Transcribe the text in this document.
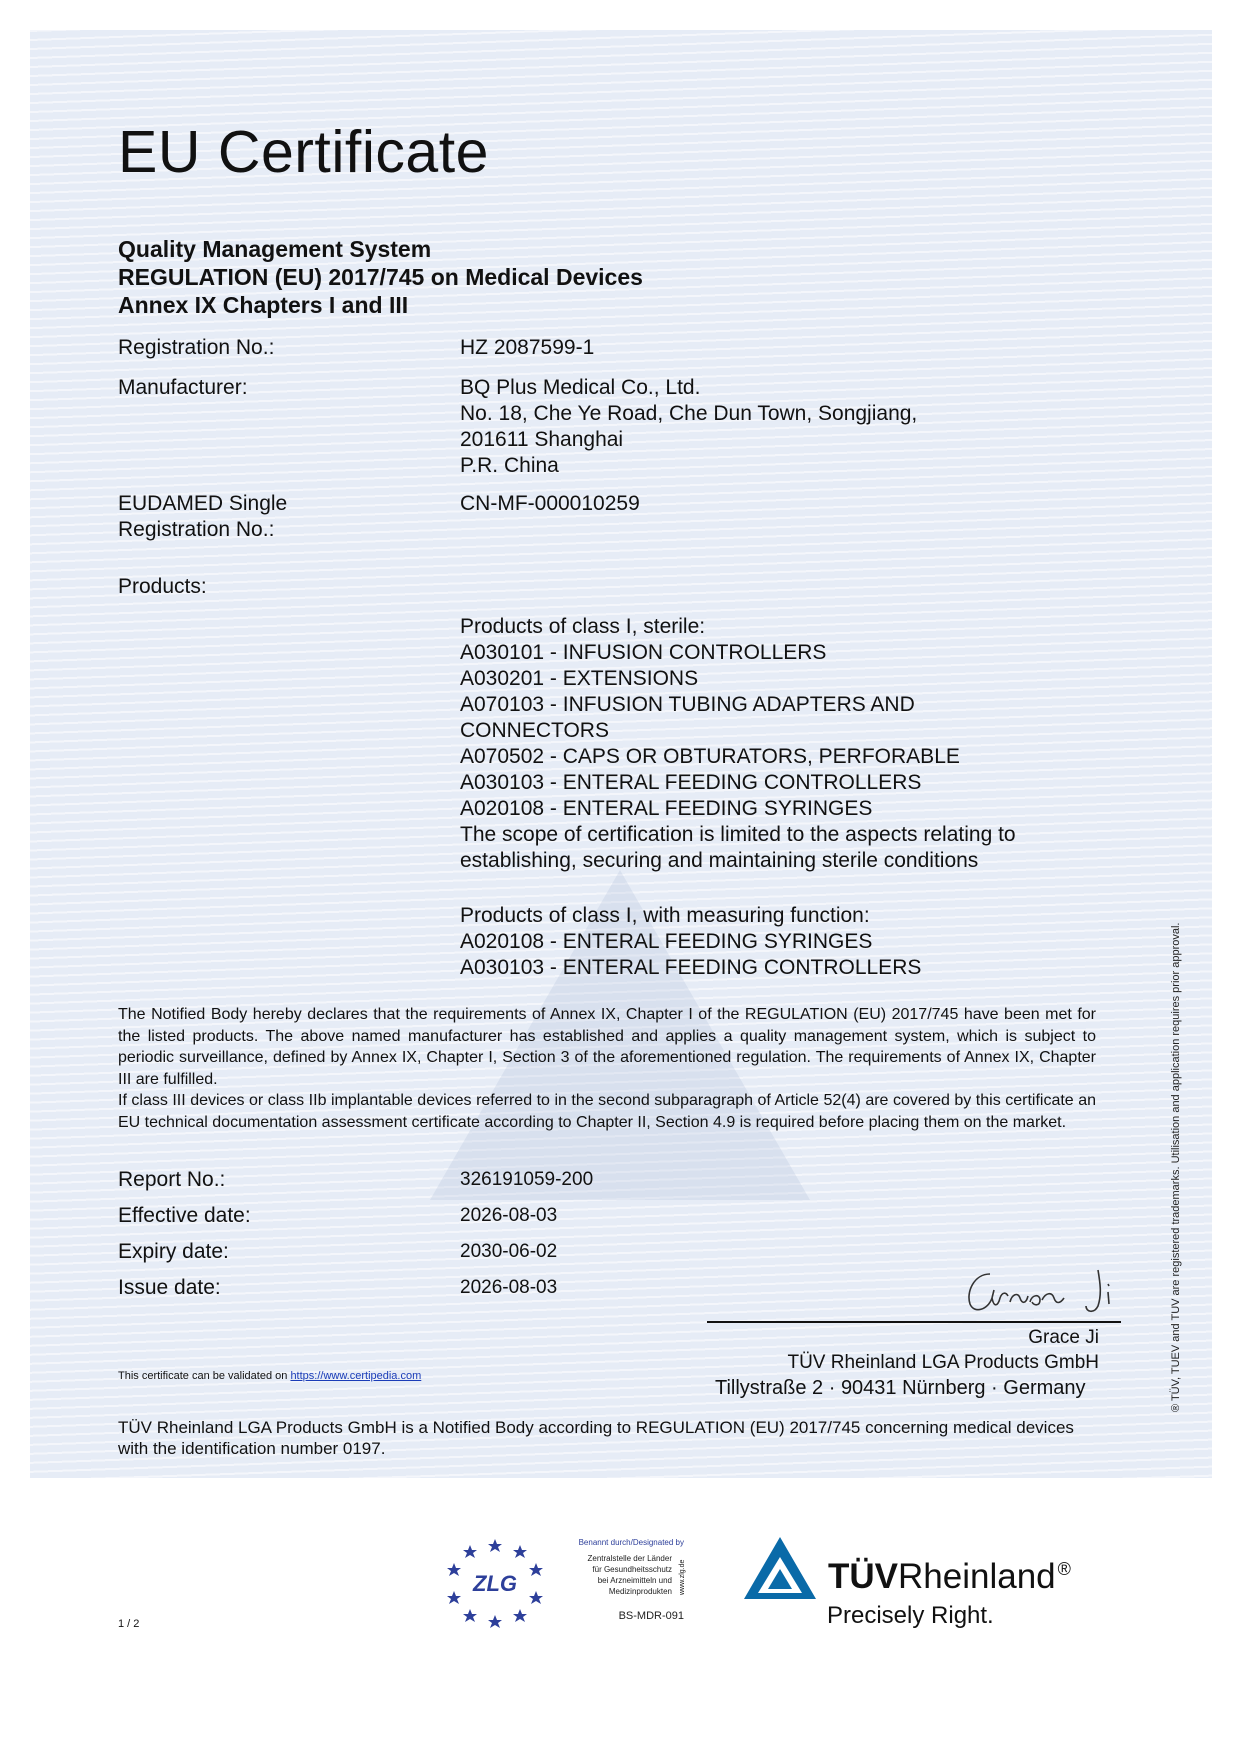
EU Certificate
Quality Management System
REGULATION (EU) 2017/745 on Medical Devices
Annex IX Chapters I and III
Registration No.:	HZ 2087599-1
Manufacturer:	BQ Plus Medical Co., Ltd.
No. 18, Che Ye Road, Che Dun Town, Songjiang,
201611 Shanghai
P.R. China
EUDAMED Single
Registration No.:
CN-MF-000010259
Products:
Products of class I, sterile:
A030101 - INFUSION CONTROLLERS
A030201 - EXTENSIONS
A070103 - INFUSION TUBING ADAPTERS AND
CONNECTORS
A070502 - CAPS OR OBTURATORS, PERFORABLE
A030103 - ENTERAL FEEDING CONTROLLERS
A020108 - ENTERAL FEEDING SYRINGES
The scope of certification is limited to the aspects relating to
establishing, securing and maintaining sterile conditions
Products of class I, with measuring function:
A020108 - ENTERAL FEEDING SYRINGES
A030103 - ENTERAL FEEDING CONTROLLERS
The Notified Body hereby declares that the requirements of Annex IX, Chapter I of the REGULATION (EU) 2017/745 have been met for the listed products. The above named manufacturer has established and applies a quality management system, which is subject to periodic surveillance, defined by Annex IX, Chapter I, Section 3 of the aforementioned regulation. The requirements of Annex IX, Chapter III are fulfilled.
If class III devices or class IIb implantable devices referred to in the second subparagraph of Article 52(4) are covered by this certificate an EU technical documentation assessment certificate according to Chapter II, Section 4.9 is required before placing them on the market.
Report No.:	326191059-200
Effective date:	2026-08-03
Expiry date:	2030-06-02
Issue date:	2026-08-03
Grace Ji
TÜV Rheinland LGA Products GmbH
Tillystraße 2 · 90431 Nürnberg · Germany
This certificate can be validated on https://www.certipedia.com
TÜV Rheinland LGA Products GmbH is a Notified Body according to REGULATION (EU) 2017/745 concerning medical devices with the identification number 0197.
® TÜV, TUEV and TUV are registered trademarks. Utilisation and application requires prior approval.
ZLG
Benannt durch/Designated by
Zentralstelle der Länder
für Gesundheitsschutz
bei Arzneimitteln und
Medizinprodukten www.zlg.de
BS-MDR-091
TÜVRheinland ®
Precisely Right.
1 / 2
